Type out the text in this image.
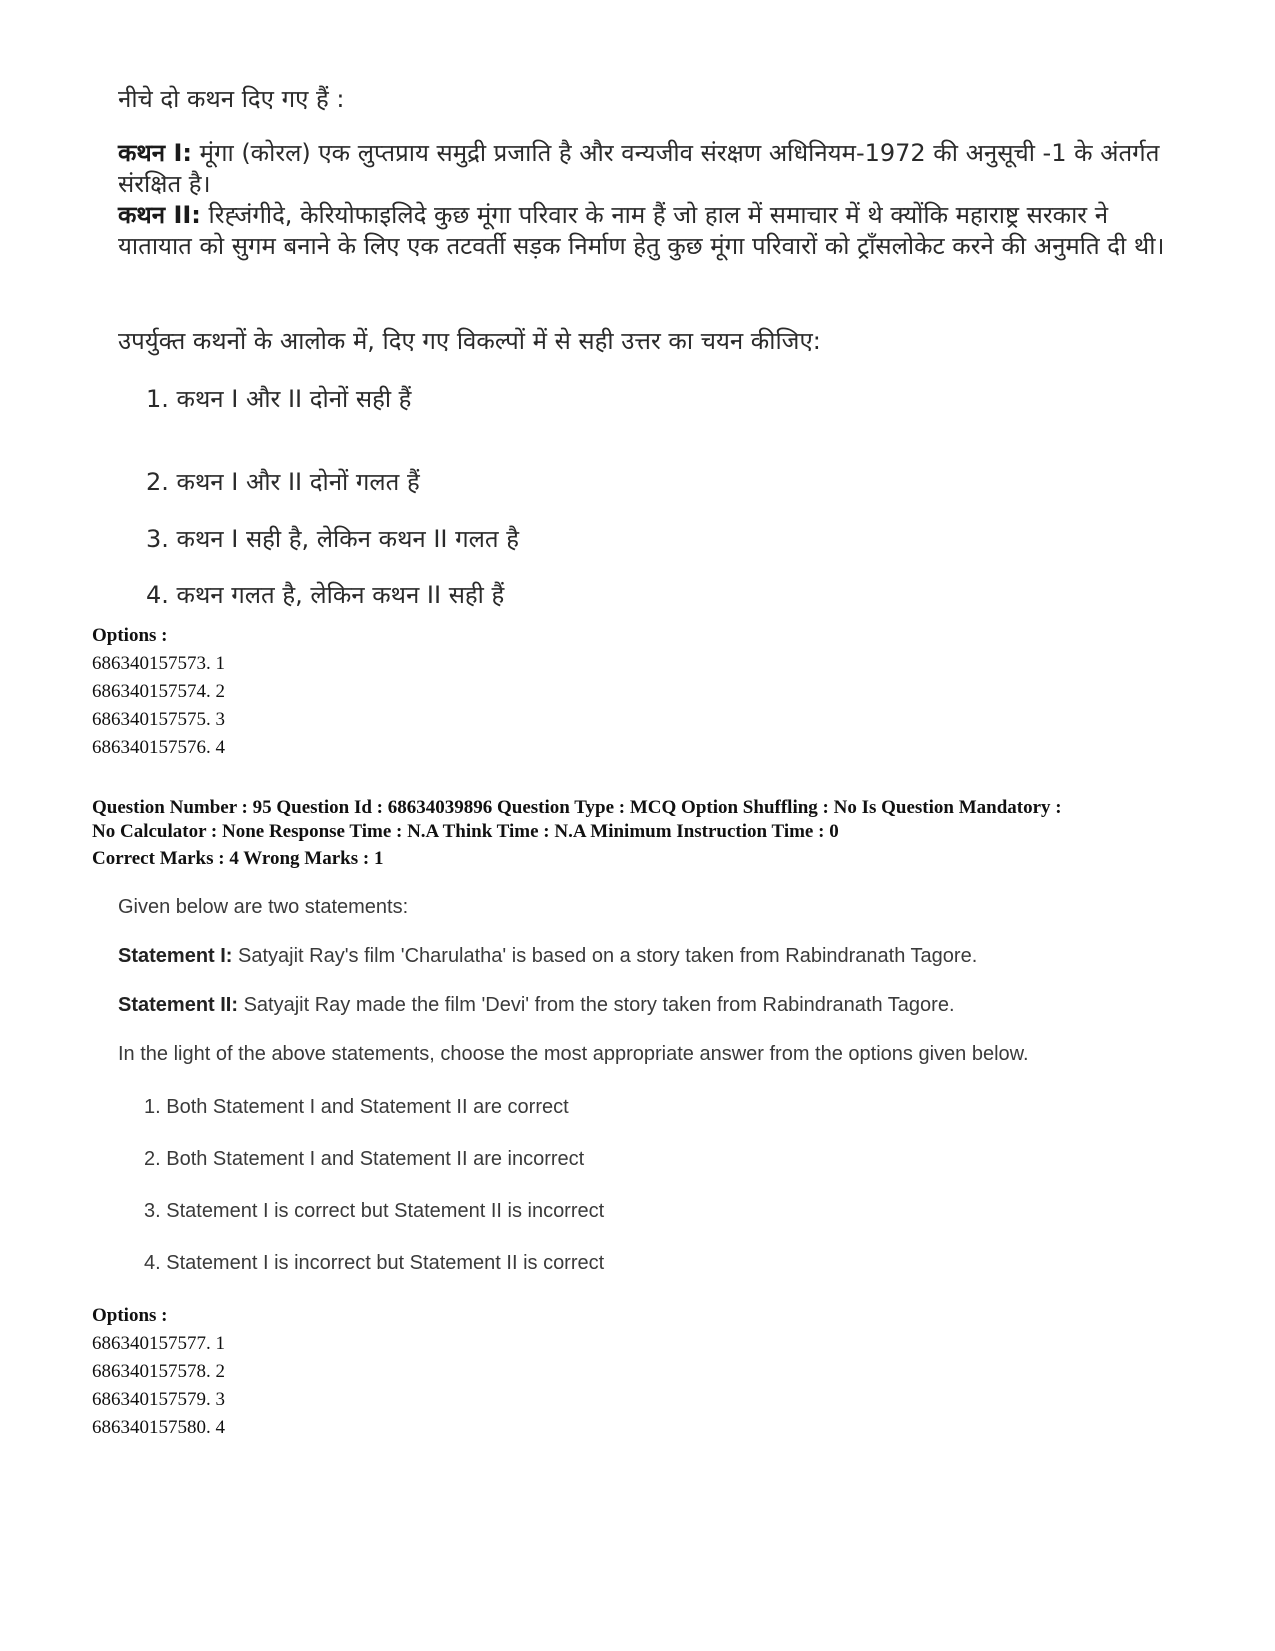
नीचे दो कथन दिए गए हैं :
कथन I: मूंगा (कोरल) एक लुप्तप्राय समुद्री प्रजाति है और वन्यजीव संरक्षण अधिनियम-1972 की अनुसूची -1 के अंतर्गत संरक्षित है।
कथन II: रिह्जंगीदे, केरियोफाइलिदे कुछ मूंगा परिवार के नाम हैं जो हाल में समाचार में थे क्योंकि महाराष्ट्र सरकार ने यातायात को सुगम बनाने के लिए एक तटवर्ती सड़क निर्माण हेतु कुछ मूंगा परिवारों को ट्राँसलोकेट करने की अनुमति दी थी।
उपर्युक्त कथनों के आलोक में, दिए गए विकल्पों में से सही उत्तर का चयन कीजिए:
1. कथन I और II दोनों सही हैं
2. कथन I और II दोनों गलत हैं
3. कथन I सही है, लेकिन कथन II गलत है
4. कथन गलत है, लेकिन कथन II सही हैं
Options :
686340157573. 1
686340157574. 2
686340157575. 3
686340157576. 4
Question Number : 95 Question Id : 68634039896 Question Type : MCQ Option Shuffling : No Is Question Mandatory :
No Calculator : None Response Time : N.A Think Time : N.A Minimum Instruction Time : 0
Correct Marks : 4 Wrong Marks : 1
Given below are two statements:
Statement I: Satyajit Ray's film 'Charulatha' is based on a story taken from Rabindranath Tagore.
Statement II: Satyajit Ray made the film 'Devi' from the story taken from Rabindranath Tagore.
In the light of the above statements, choose the most appropriate answer from the options given below.
1. Both Statement I and Statement II are correct
2. Both Statement I and Statement II are incorrect
3. Statement I is correct but Statement II is incorrect
4. Statement I is incorrect but Statement II is correct
Options :
686340157577. 1
686340157578. 2
686340157579. 3
686340157580. 4
